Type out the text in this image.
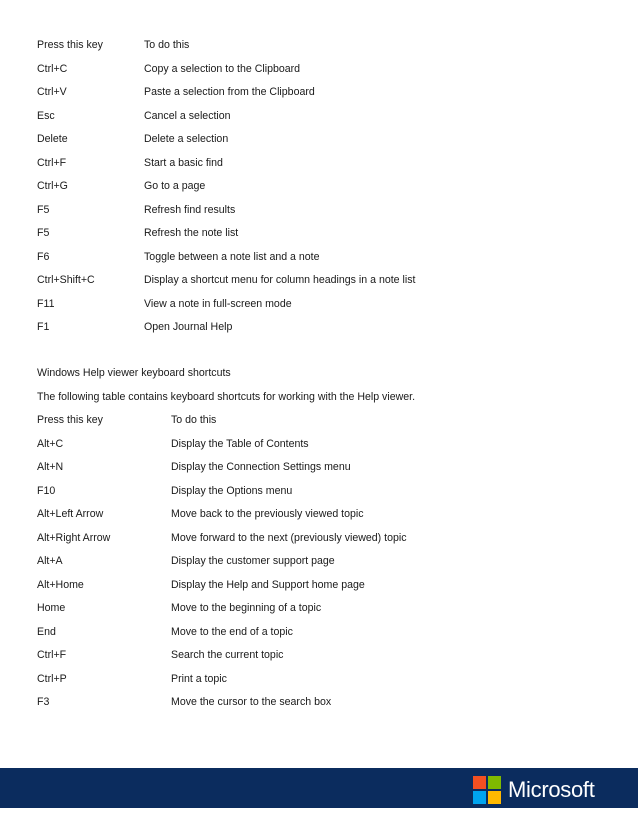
Press this key	To do this
Ctrl+C	Copy a selection to the Clipboard
Ctrl+V	Paste a selection from the Clipboard
Esc	Cancel a selection
Delete	Delete a selection
Ctrl+F	Start a basic find
Ctrl+G	Go to a page
F5	Refresh find results
F5	Refresh the note list
F6	Toggle between a note list and a note
Ctrl+Shift+C	Display a shortcut menu for column headings in a note list
F11	View a note in full-screen mode
F1	Open Journal Help
Windows Help viewer keyboard shortcuts
The following table contains keyboard shortcuts for working with the Help viewer.
Press this key	To do this
Alt+C	Display the Table of Contents
Alt+N	Display the Connection Settings menu
F10	Display the Options menu
Alt+Left Arrow	Move back to the previously viewed topic
Alt+Right Arrow	Move forward to the next (previously viewed) topic
Alt+A	Display the customer support page
Alt+Home	Display the Help and Support home page
Home	Move to the beginning of a topic
End	Move to the end of a topic
Ctrl+F	Search the current topic
Ctrl+P	Print a topic
F3	Move the cursor to the search box
Microsoft
